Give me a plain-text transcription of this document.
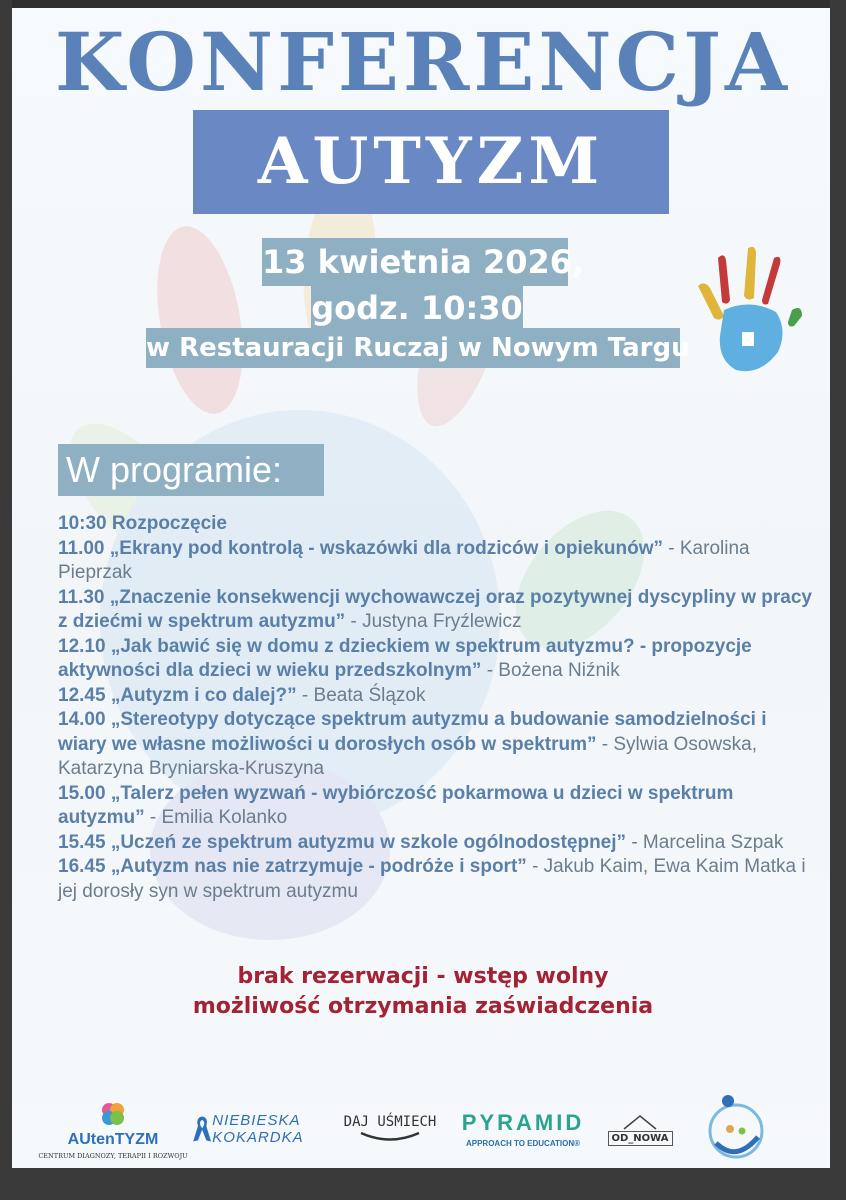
KONFERENCJA
AUTYZM
13 kwietnia 2026,
godz. 10:30
w Restauracji Ruczaj w Nowym Targu
W programie:

10:30 Rozpoczęcie

11.00 „Ekrany pod kontrolą - wskazówki dla rodziców i opiekunów” - Karolina Pieprzak

11.30 „Znaczenie konsekwencji wychowawczej oraz pozytywnej dyscypliny w pracy z dziećmi w spektrum autyzmu” - Justyna Fryźlewicz

12.10 „Jak bawić się w domu z dzieckiem w spektrum autyzmu? - propozycje aktywności dla dzieci w wieku przedszkolnym” - Bożena Niźnik

12.45 „Autyzm i co dalej?” - Beata Ślązok

14.00 „Stereotypy dotyczące spektrum autyzmu a budowanie samodzielności i wiary we własne możliwości u dorosłych osób w spektrum” - Sylwia Osowska, Katarzyna Bryniarska-Kruszyna

15.00 „Talerz pełen wyzwań - wybiórczość pokarmowa u dzieci w spektrum autyzmu” - Emilia Kolanko

15.45 „Uczeń ze spektrum autyzmu w szkole ogólnodostępnej” - Marcelina Szpak

16.45 „Autyzm nas nie zatrzymuje - podróże i sport” - Jakub Kaim, Ewa Kaim Matka i jej dorosły syn w spektrum autyzmu

brak rezerwacji - wstęp wolny
możliwość otrzymania zaświadczenia
AUtenTYZM
CENTRUM DIAGNOZY, TERAPII I ROZWOJU
NIEBIESKA KOKARDKA
DAJ UŚMIECH PYRAMID
APPROACH TO EDUCATION®	OD_NOWA
